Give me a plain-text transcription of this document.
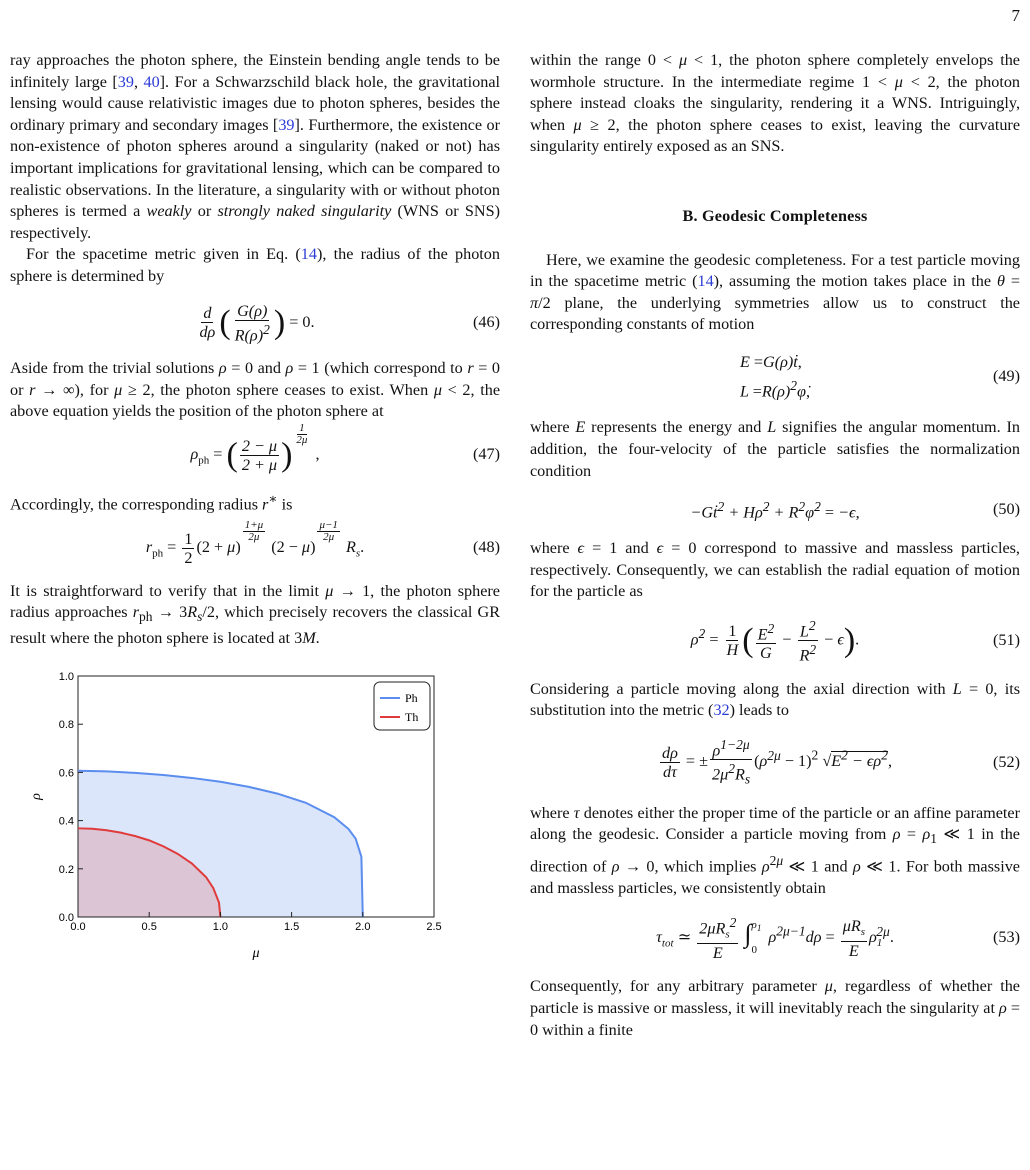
7

ray approaches the photon sphere, the Einstein bending angle tends to be infinitely large [39, 40]. For a Schwarzschild black hole, the gravitational lensing would cause relativistic images due to photon spheres, besides the ordinary primary and secondary images [39]. Furthermore, the existence or non-existence of photon spheres around a singularity (naked or not) has important implications for gravitational lensing, which can be compared to realistic observations. In the literature, a singularity with or without photon spheres is termed a weakly or strongly naked singularity (WNS or SNS) respectively.

For the spacetime metric given in Eq. (14), the radius of the photon sphere is determined by

$\frac{d}{d\rho}$ ( $\frac{G(\rho)}{R(\rho)^2}$ ) = 0.	(46)

Aside from the trivial solutions ρ = 0 and ρ = 1 (which correspond to r = 0 or r → ∞), for μ ≥ 2, the photon sphere ceases to exist. When μ < 2, the above equation yields the position of the photon sphere at

$\rho_{ph}$ = ( $\frac{2 - \mu}{2 + \mu}$ )
$\frac{1}{2\mu}$
,	(47)

Accordingly, the corresponding radius r∗ is

$r_{ph} = \frac{1}{2} (2 + \mu)$
$\frac{1+\mu}{2\mu}$
(2 − μ)
$\frac{\mu-1}{2\mu}$
$R_s$.	(48)

It is straightforward to verify that in the limit μ → 1, the photon sphere radius approaches $r_{ph} \to 3R_s/2$, which precisely recovers the classical GR result where the photon sphere is located at 3M.

0.0	0.5	1.0	1.5	2.0	2.5
0.0
0.2
0.4
0.6
0.8
1.0
μ
ρ
Ph
Th

within the range 0 < μ < 1, the photon sphere completely envelops the wormhole structure. In the intermediate regime 1 < μ < 2, the photon sphere instead cloaks the singularity, rendering it a WNS. Intriguingly, when μ ≥ 2, the photon sphere ceases to exist, leaving the curvature singularity entirely exposed as an SNS.

B. Geodesic Completeness

Here, we examine the geodesic completeness. For a test particle moving in the spacetime metric (14), assuming the motion takes place in the θ = π/2 plane, the underlying symmetries allow us to construct the corresponding constants of motion

E =G(ρ)ṫ,
$L =R(\rho)^2\varphi̇$,
(49)

where E represents the energy and L signifies the angular momentum. In addition, the four-velocity of the particle satisfies the normalization condition

−Gṫ$^2$ + Hρ̇$^2$ + $R^2\varphi̇^2 = -\epsilon$,	(50)

where ϵ = 1 and ϵ = 0 correspond to massive and massless particles, respectively. Consequently, we can establish the radial equation of motion for the particle as

ρ̇$^2$ = $\frac{1}{H}$ ( $\frac{E^2}{G} - \frac{L^2}{R^2} - \epsilon$).	(51)

Considering a particle moving along the axial direction with L = 0, its substitution into the metric (32) leads to

$\frac{d\rho}{d\tau}$ = ± $\frac{\rho^{1-2\mu}}{2\mu^2R_s} (\rho^{2\mu} - 1)^2$ $√E^2 - \epsilon\rho^2$,	(52)

where τ denotes either the proper time of the particle or an affine parameter along the geodesic. Consider a particle moving from $\rho = \rho_1$ ≪ 1 in the direction of ρ → 0, which implies $\rho^{2\mu}$ ≪ 1 and ρ ≪ 1. For both massive and massless particles, we consistently obtain

$\tau_{tot}$ ≃ $\frac{2\mu R_s^2}{E}$ ∫ $\rho_1$
0
$\rho^{2\mu-1}d\rho = \frac{\mu R_s}{E} \rho_1^{2\mu}$.	(53)

Consequently, for any arbitrary parameter μ, regardless of whether the particle is massive or massless, it will inevitably reach the singularity at ρ = 0 within a finite
